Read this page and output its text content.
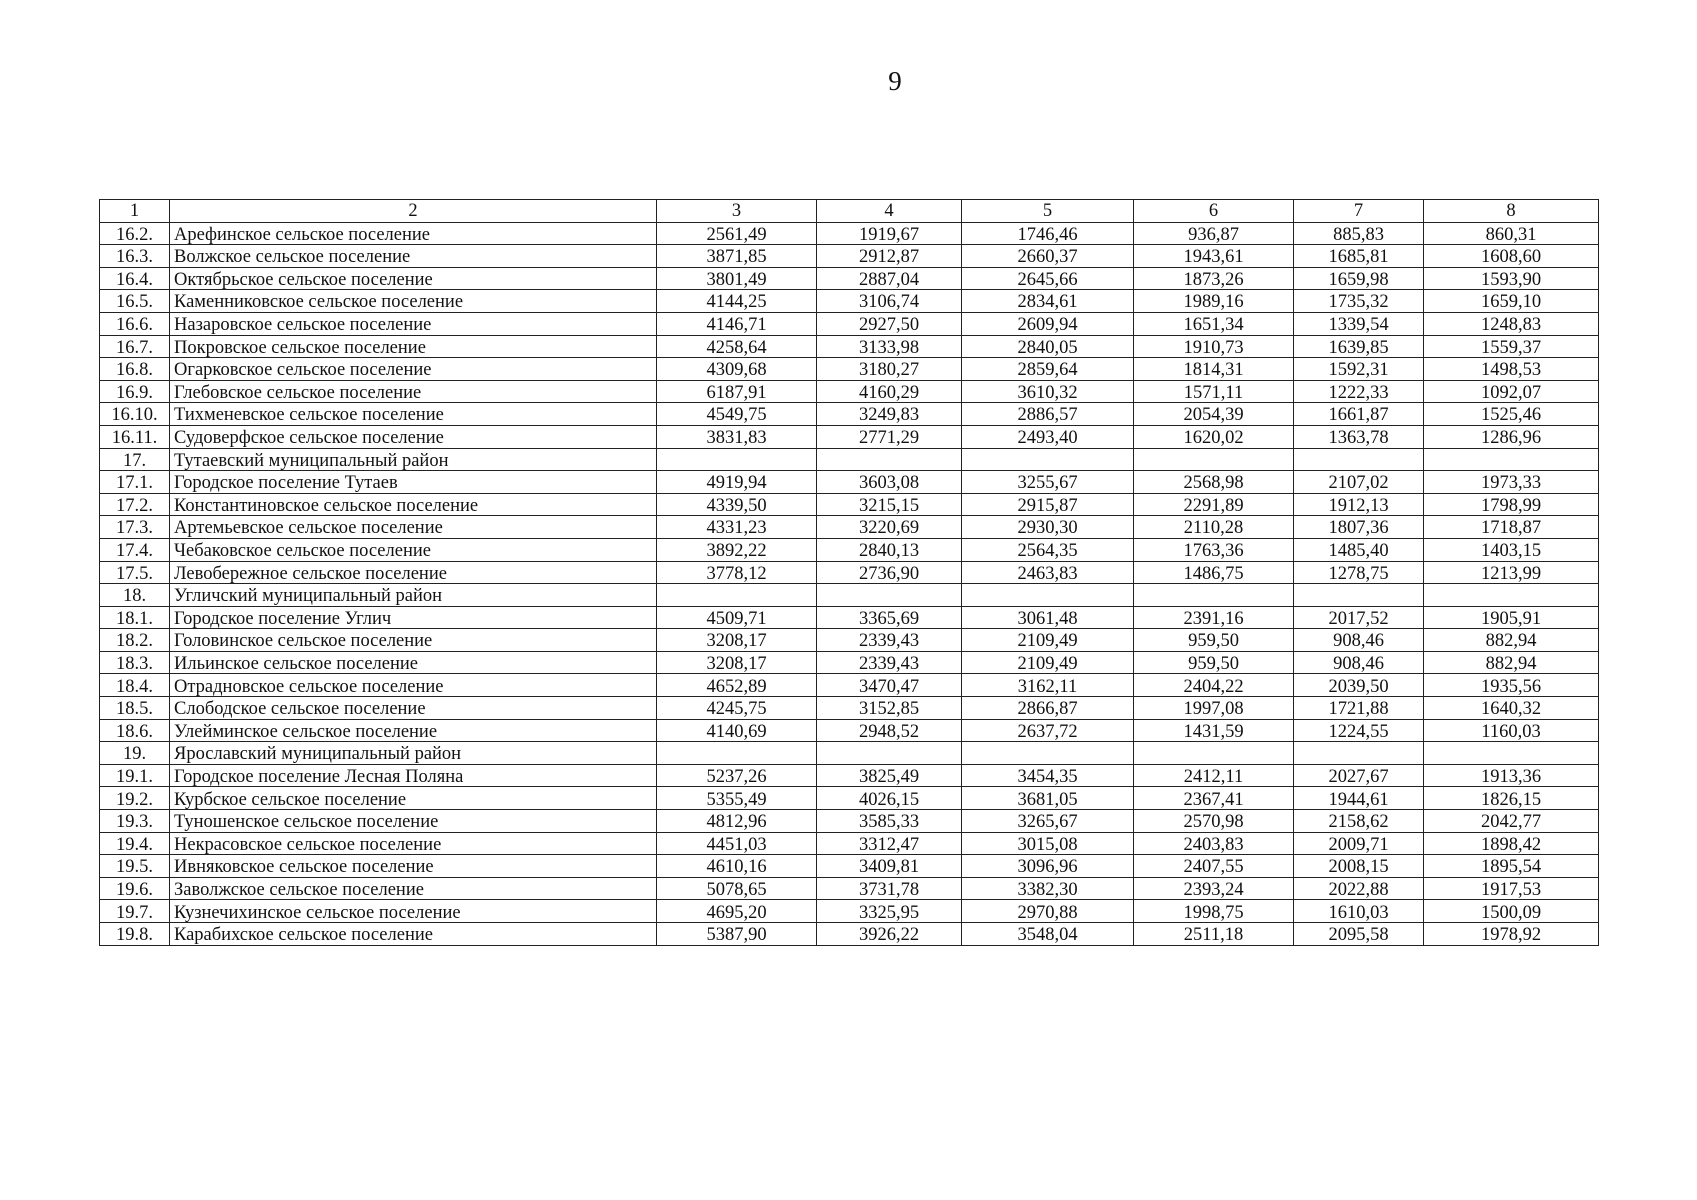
9
1	2	3	4	5	6	7	8
16.2.	Арефинское сельское поселение	2561,49	1919,67	1746,46	936,87	885,83	860,31
16.3.	Волжское сельское поселение	3871,85	2912,87	2660,37	1943,61	1685,81	1608,60
16.4.	Октябрьское сельское поселение	3801,49	2887,04	2645,66	1873,26	1659,98	1593,90
16.5.	Каменниковское сельское поселение	4144,25	3106,74	2834,61	1989,16	1735,32	1659,10
16.6.	Назаровское сельское поселение	4146,71	2927,50	2609,94	1651,34	1339,54	1248,83
16.7.	Покровское сельское поселение	4258,64	3133,98	2840,05	1910,73	1639,85	1559,37
16.8.	Огарковское сельское поселение	4309,68	3180,27	2859,64	1814,31	1592,31	1498,53
16.9.	Глебовское сельское поселение	6187,91	4160,29	3610,32	1571,11	1222,33	1092,07
16.10.	Тихменевское сельское поселение	4549,75	3249,83	2886,57	2054,39	1661,87	1525,46
16.11.	Судоверфское сельское поселение	3831,83	2771,29	2493,40	1620,02	1363,78	1286,96
17.	Тутаевский муниципальный район						
17.1.	Городское поселение Тутаев	4919,94	3603,08	3255,67	2568,98	2107,02	1973,33
17.2.	Константиновское сельское поселение	4339,50	3215,15	2915,87	2291,89	1912,13	1798,99
17.3.	Артемьевское сельское поселение	4331,23	3220,69	2930,30	2110,28	1807,36	1718,87
17.4.	Чебаковское сельское поселение	3892,22	2840,13	2564,35	1763,36	1485,40	1403,15
17.5.	Левобережное сельское поселение	3778,12	2736,90	2463,83	1486,75	1278,75	1213,99
18.	Угличский муниципальный район						
18.1.	Городское поселение Углич	4509,71	3365,69	3061,48	2391,16	2017,52	1905,91
18.2.	Головинское сельское поселение	3208,17	2339,43	2109,49	959,50	908,46	882,94
18.3.	Ильинское сельское поселение	3208,17	2339,43	2109,49	959,50	908,46	882,94
18.4.	Отрадновское сельское поселение	4652,89	3470,47	3162,11	2404,22	2039,50	1935,56
18.5.	Слободское сельское поселение	4245,75	3152,85	2866,87	1997,08	1721,88	1640,32
18.6.	Улейминское сельское поселение	4140,69	2948,52	2637,72	1431,59	1224,55	1160,03
19.	Ярославский муниципальный район						
19.1.	Городское поселение Лесная Поляна	5237,26	3825,49	3454,35	2412,11	2027,67	1913,36
19.2.	Курбское сельское поселение	5355,49	4026,15	3681,05	2367,41	1944,61	1826,15
19.3.	Туношенское сельское поселение	4812,96	3585,33	3265,67	2570,98	2158,62	2042,77
19.4.	Некрасовское сельское поселение	4451,03	3312,47	3015,08	2403,83	2009,71	1898,42
19.5.	Ивняковское сельское поселение	4610,16	3409,81	3096,96	2407,55	2008,15	1895,54
19.6.	Заволжское сельское поселение	5078,65	3731,78	3382,30	2393,24	2022,88	1917,53
19.7.	Кузнечихинское сельское поселение	4695,20	3325,95	2970,88	1998,75	1610,03	1500,09
19.8.	Карабихское сельское поселение	5387,90	3926,22	3548,04	2511,18	2095,58	1978,92
